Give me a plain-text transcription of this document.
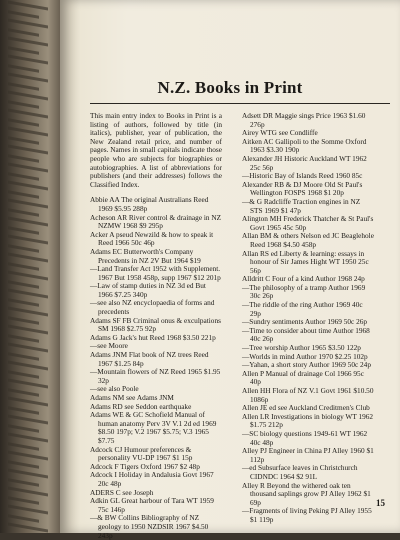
N.Z. Books in Print

This main entry index to Books in Print is a listing of authors, followed by title (in italics), publisher, year of publication, the New Zealand retail price, and number of pages. Names in small capitals indicate those people who are subjects for biographies or autobiographies. A list of abbreviations for publishers (and their addresses) follows the Classified Index.

Abbie AA The original Australians Reed 1969 $5.95 288p
Acheson AR River control & drainage in NZ NZMW 1968 $9 295p
Acker A pseud Newzild & how to speak it Reed 1966 50c 46p
Adams EC Butterworth's Company Precedents in NZ 2V But 1964 $19
—Land Transfer Act 1952 with Supplement. 1967 But 1958 458p, supp 1967 $12 201p
—Law of stamp duties in NZ 3d ed But 1966 $7.25 340p
—see also NZ encyclopaedia of forms and precedents
Adams SF FB Criminal onus & exculpations SM 1968 $2.75 92p
Adams G Jack's hut Reed 1968 $3.50 221p
—see Moore
Adams JNM Flat book of NZ trees Reed 1967 $1.25 84p
—Mountain flowers of NZ Reed 1965 $1.95 32p
—see also Poole
Adams NM see Adams JNM
Adams RD see Seddon earthquake
Adams WE & GC Schofield Manual of human anatomy Perv 3V V.1 2d ed 1969 $8.50 197p; V.2 1967 $5.75; V.3 1965 $7.75
Adcock CJ Humour preferences & personality VU-DP 1967 $1 15p
Adcock F Tigers Oxford 1967 $2 48p
Adcock I Holiday in Andalusia Govt 1967 20c 48p
ADERS C see Joseph
Adkin GL Great harbour of Tara WT 1959 75c 146p
—& BW Collins Bibliography of NZ geology to 1950 NZDSIR 1967 $4.50 243p
Adsett DR Maggie sings Price 1963 $1.60 276p
Airey WTG see Condliffe
Aitken AC Gallipoli to the Somme Oxford 1963 $3.30 190p
Alexander JH Historic Auckland WT 1962 25c 56p
—Historic Bay of Islands Reed 1960 85c
Alexander RB & DJ Moore Old St Paul's Wellington FOSPS 1968 $1 20p
—& G Radcliffe Traction engines in NZ STS 1969 $1 47p
Alington MH Frederick Thatcher & St Paul's Govt 1965 45c 50p
Allan BM & others Nelson ed JC Beaglehole Reed 1968 $4.50 458p
Allan RS ed Liberty & learning: essays in honour of Sir James Hight WT 1950 25c 56p
Alldritt C Four of a kind Author 1968 24p
—The philosophy of a tramp Author 1969 30c 26p
—The riddle of the ring Author 1969 40c 29p
—Sundry sentiments Author 1969 50c 26p
—Time to consider about time Author 1968 40c 26p
—Tree worship Author 1965 $3.50 122p
—Worlds in mind Author 1970 $2.25 102p
—Yahan, a short story Author 1969 50c 24p
Allen P Manual of drainage Col 1966 95c 40p
Allen HH Flora of NZ V.1 Govt 1961 $10.50 1086p
Allen JE ed see Auckland Creditmen's Club
Allen LR Investigations in biology WT 1962 $1.75 212p
—SC biology questions 1949-61 WT 1962 40c 48p
Alley PJ Engineer in China PJ Alley 1960 $1 112p
—ed Subsurface leaves in Christchurch CIDNDC 1964 $2 91L
Alley R Beyond the withered oak ten thousand saplings grow PJ Alley 1962 $1 69p
—Fragments of living Peking PJ Alley 1955 $1 119p
15
